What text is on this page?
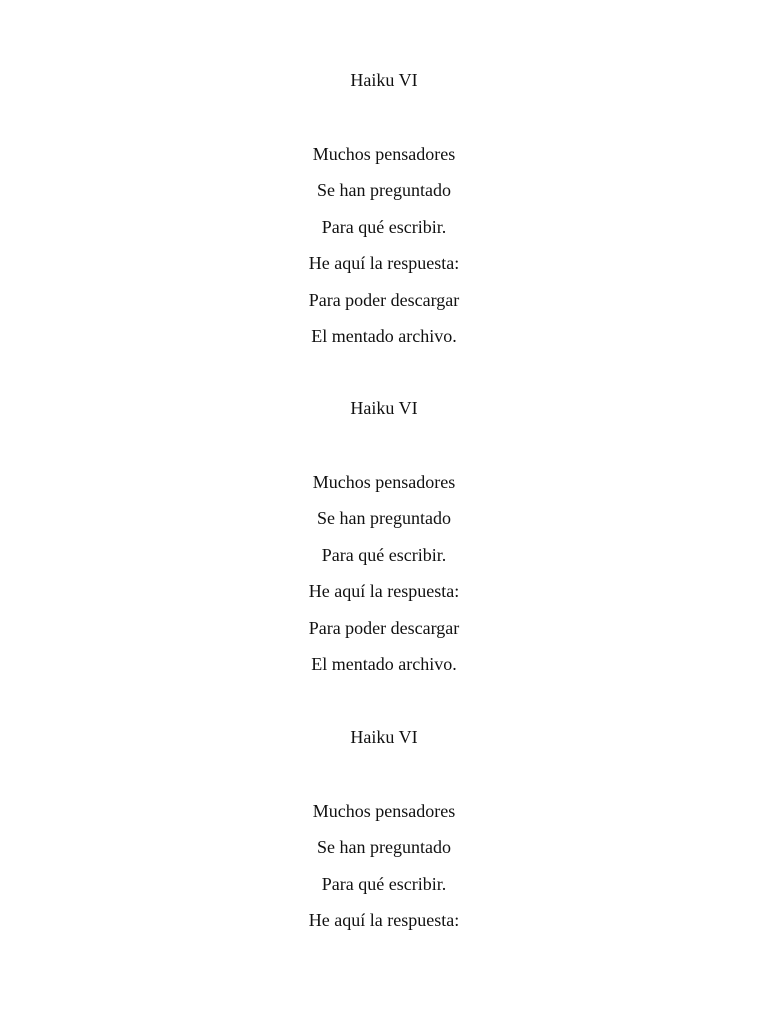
Haiku VI
Muchos pensadores
Se han preguntado
Para qué escribir.
He aquí la respuesta:
Para poder descargar
El mentado archivo.
Haiku VI
Muchos pensadores
Se han preguntado
Para qué escribir.
He aquí la respuesta:
Para poder descargar
El mentado archivo.
Haiku VI
Muchos pensadores
Se han preguntado
Para qué escribir.
He aquí la respuesta:
